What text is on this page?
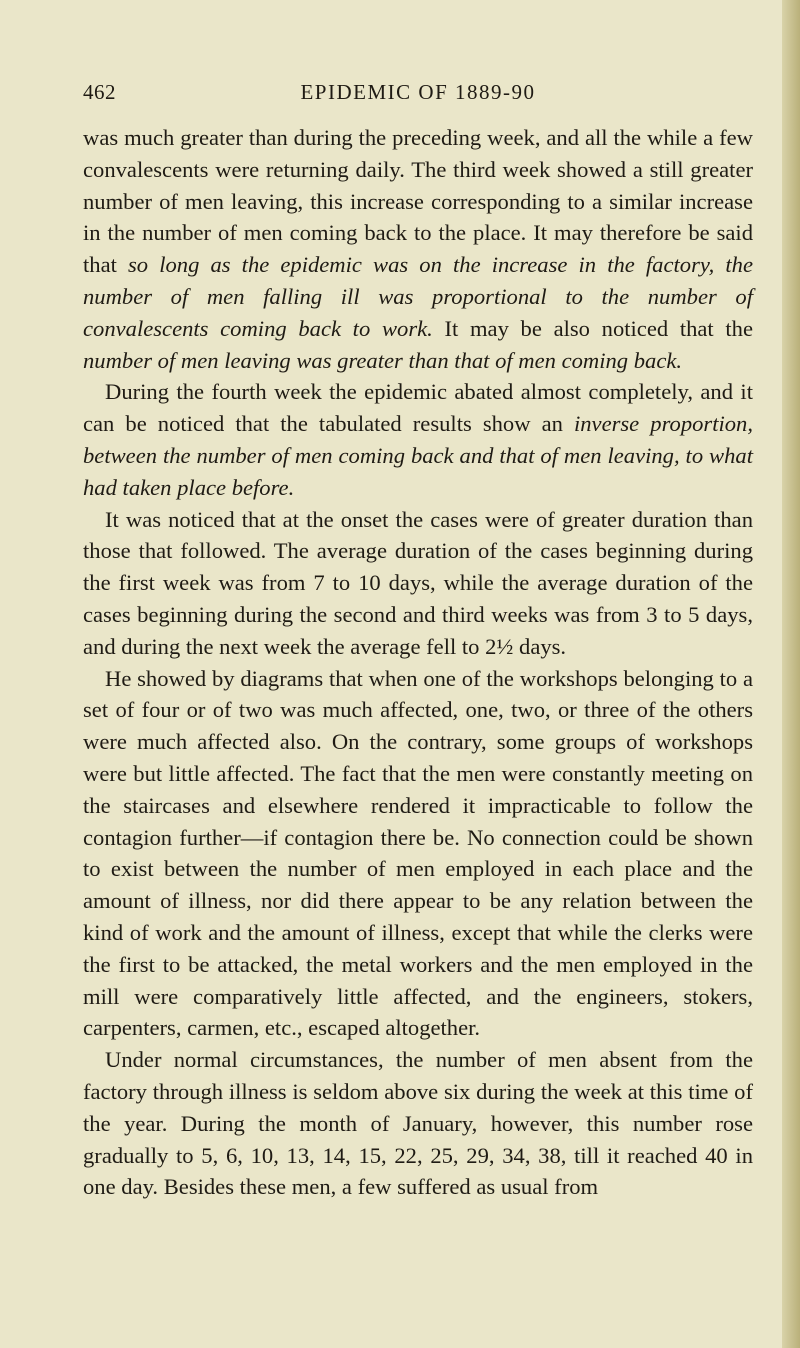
462	EPIDEMIC OF 1889-90

was much greater than during the preceding week, and all the while a few convalescents were returning daily. The third week showed a still greater number of men leaving, this increase corresponding to a similar increase in the number of men coming back to the place. It may therefore be said that so long as the epidemic was on the increase in the factory, the number of men falling ill was proportional to the number of convalescents coming back to work. It may be also noticed that the number of men leaving was greater than that of men coming back.

During the fourth week the epidemic abated almost completely, and it can be noticed that the tabulated results show an inverse proportion, between the number of men coming back and that of men leaving, to what had taken place before.

It was noticed that at the onset the cases were of greater duration than those that followed. The average duration of the cases beginning during the first week was from 7 to 10 days, while the average duration of the cases beginning during the second and third weeks was from 3 to 5 days, and during the next week the average fell to 2½ days.

He showed by diagrams that when one of the workshops belonging to a set of four or of two was much affected, one, two, or three of the others were much affected also. On the contrary, some groups of workshops were but little affected. The fact that the men were constantly meeting on the staircases and elsewhere rendered it impracticable to follow the contagion further—if contagion there be. No connection could be shown to exist between the number of men employed in each place and the amount of illness, nor did there appear to be any relation between the kind of work and the amount of illness, except that while the clerks were the first to be attacked, the metal workers and the men employed in the mill were comparatively little affected, and the engineers, stokers, carpenters, carmen, etc., escaped altogether.

Under normal circumstances, the number of men absent from the factory through illness is seldom above six during the week at this time of the year. During the month of January, however, this number rose gradually to 5, 6, 10, 13, 14, 15, 22, 25, 29, 34, 38, till it reached 40 in one day. Besides these men, a few suffered as usual from
